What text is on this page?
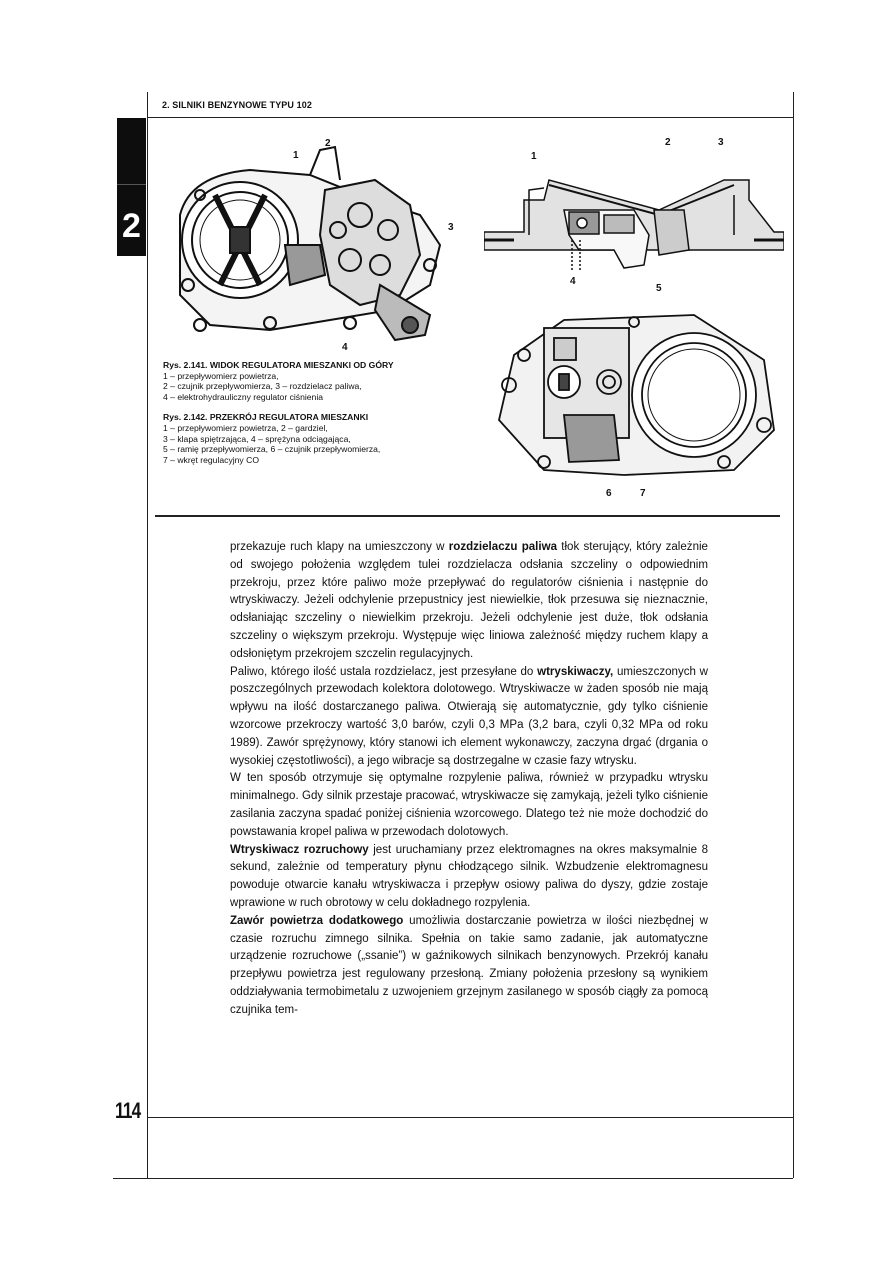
2. SILNIKI BENZYNOWE TYPU 102
2
1
2
3
4
1
2	3
4
5
6	7
Rys. 2.141. WIDOK REGULATORA MIESZANKI OD GÓRY
1 – przepływomierz powietrza,
2 – czujnik przepływomierza, 3 – rozdzielacz paliwa,
4 – elektrohydrauliczny regulator ciśnienia
Rys. 2.142. PRZEKRÓJ REGULATORA MIESZANKI
1 – przepływomierz powietrza, 2 – gardziel,
3 – klapa spiętrzająca, 4 – sprężyna odciągająca,
5 – ramię przepływomierza, 6 – czujnik przepływomierza,
7 – wkręt regulacyjny CO

przekazuje ruch klapy na umieszczony w rozdzielaczu paliwa tłok sterujący, który zależnie od swojego położenia względem tulei rozdzielacza odsłania szczeliny o odpowiednim przekroju, przez które paliwo może przepływać do regulatorów ciśnienia i następnie do wtryskiwaczy. Jeżeli odchylenie przepustnicy jest niewielkie, tłok przesuwa się nieznacznie, odsłaniając szczeliny o niewielkim przekroju. Jeżeli odchylenie jest duże, tłok odsłania szczeliny o większym przekroju. Występuje więc liniowa zależność między ruchem klapy a odsłoniętym przekrojem szczelin regulacyjnych.

Paliwo, którego ilość ustala rozdzielacz, jest przesyłane do wtryskiwaczy, umieszczonych w poszczególnych przewodach kolektora dolotowego. Wtryskiwacze w żaden sposób nie mają wpływu na ilość dostarczanego paliwa. Otwierają się automatycznie, gdy tylko ciśnienie wzorcowe przekroczy wartość 3,0 barów, czyli 0,3 MPa (3,2 bara, czyli 0,32 MPa od roku 1989). Zawór sprężynowy, który stanowi ich element wykonawczy, zaczyna drgać (drgania o wysokiej częstotliwości), a jego wibracje są dostrzegalne w czasie fazy wtrysku.

W ten sposób otrzymuje się optymalne rozpylenie paliwa, również w przypadku wtrysku minimalnego. Gdy silnik przestaje pracować, wtryskiwacze się zamykają, jeżeli tylko ciśnienie zasilania zaczyna spadać poniżej ciśnienia wzorcowego. Dlatego też nie może dochodzić do powstawania kropel paliwa w przewodach dolotowych.

Wtryskiwacz rozruchowy jest uruchamiany przez elektromagnes na okres maksymalnie 8 sekund, zależnie od temperatury płynu chłodzącego silnik. Wzbudzenie elektromagnesu powoduje otwarcie kanału wtryskiwacza i przepływ osiowy paliwa do dyszy, gdzie zostaje wprawione w ruch obrotowy w celu dokładnego rozpylenia.

Zawór powietrza dodatkowego umożliwia dostarczanie powietrza w ilości niezbędnej w czasie rozruchu zimnego silnika. Spełnia on takie samo zadanie, jak automatyczne urządzenie rozruchowe („ssanie”) w gaźnikowych silnikach benzynowych. Przekrój kanału przepływu powietrza jest regulowany przesłoną. Zmiany położenia przesłony są wynikiem oddziaływania termobimetalu z uzwojeniem grzejnym zasilanego w sposób ciągły za pomocą czujnika tem-

114
